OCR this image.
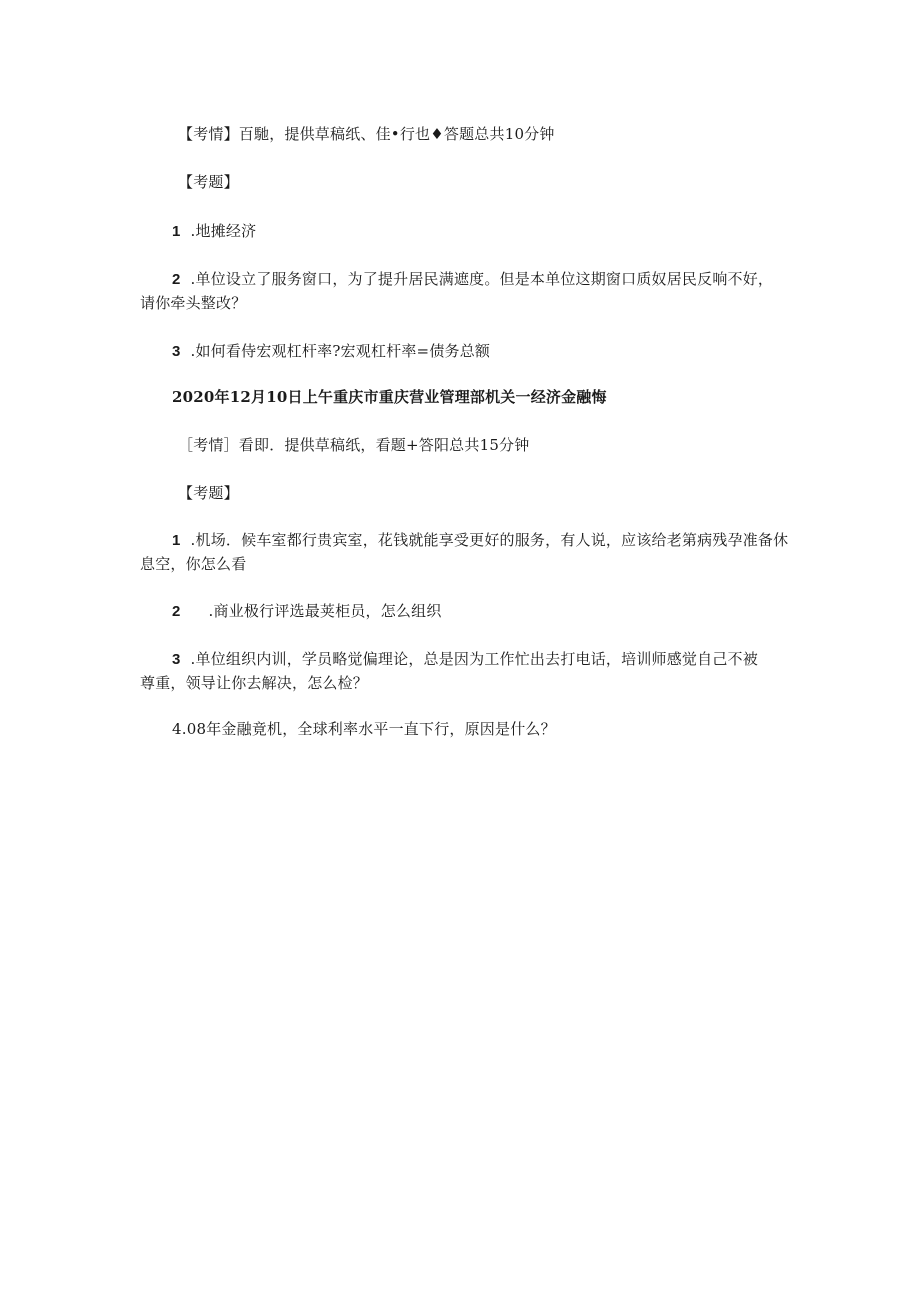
【考情】百馳，提供草稿纸、佳•行也♦答题总共10分钟
【考题】
1 .地摊经济
2 .单位设立了服务窗口，为了提升居民满遮度。但是本单位这期窗口质奴居民反响不好，
请你牵头整改？
3 .如何看侍宏观杠杆率?宏观杠杆率=债务总额
2020年12月10日上午重庆市重庆营业管理部机关一经济金融悔
［考情］看即．提供草稿纸，看题+答阳总共15分钟
【考题】
1 .机场．候车室都行贵宾室，花钱就能享受更好的服务，有人说，应该给老第病残孕准备休
息空，你怎么看
2 .商业极行评选最荚柜员，怎么组织
3 .单位组织内训，学员略觉偏理论，总是因为工作忙出去打电话，培训师感觉自己不被
尊重，领导让你去解决，怎么检？
4.08年金融竟机，全球利率水平一直下行，原因是什么？
